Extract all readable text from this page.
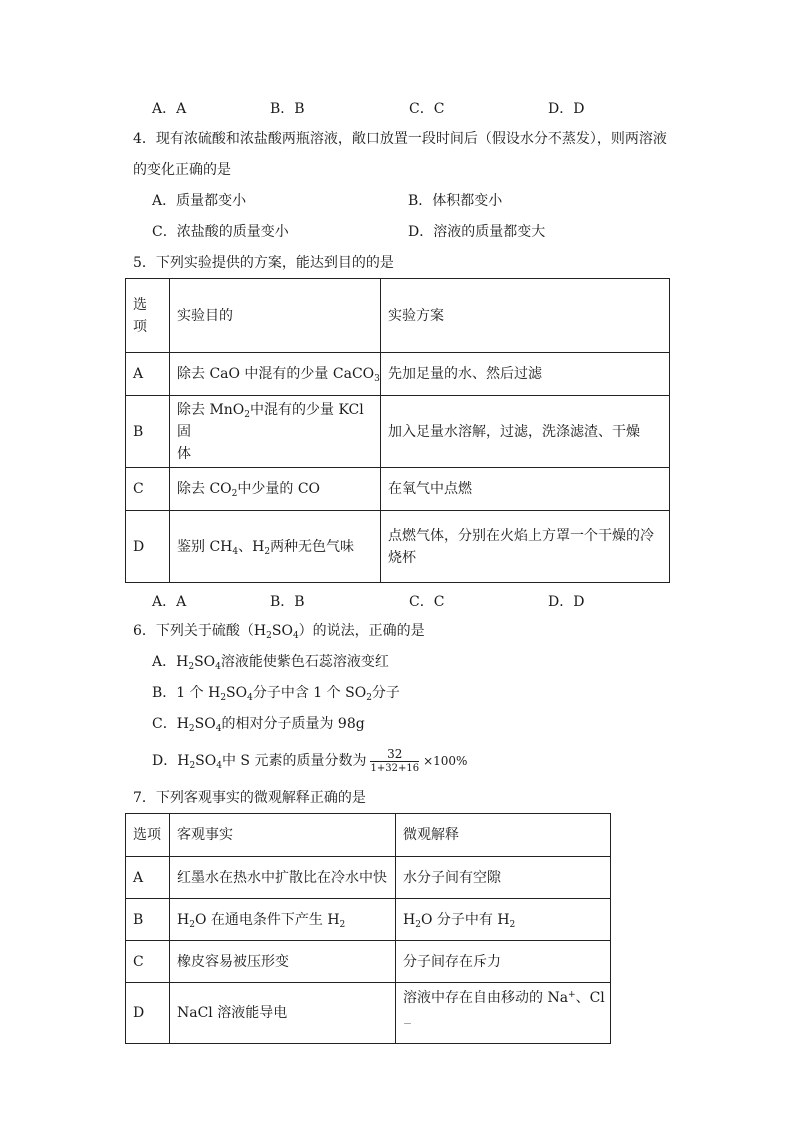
A．A	B．B	C．C	D．D
4．现有浓硫酸和浓盐酸两瓶溶液，敞口放置一段时间后（假设水分不蒸发），则两溶液
的变化正确的是
A．质量都变小	B．体积都变小
C．浓盐酸的质量变小	D．溶液的质量都变大
5．下列实验提供的方案，能达到目的的是
选
项	实验目的	实验方案
A	除去 CaO 中混有的少量 CaCO$_3$	先加足量的水、然后过滤
B	除去 MnO$_2$中混有的少量 KCl 固
体	加入足量水溶解，过滤，洗涤滤渣、干燥
C	除去 $CO_2$中少量的 CO	在氧气中点燃
D	鉴别 $CH_4$、$H_2$两种无色气味	点燃气体，分别在火焰上方罩一个干燥的冷
烧杯
A．A	B．B	C．C	D．D
6．下列关于硫酸$(H_2SO_4)$的说法，正确的是
A．$H_2SO_4$溶液能使紫色石蕊溶液变红
B．1 个 $H_2SO_4$分子中含 1 个 $SO_2$分子
C．$H_2SO_4$的相对分子质量为 98g
D．$H_2SO_4$中 S 元素的质量分数为 $\frac{32}{1+32+16} \times 100\%$
7．下列客观事实的微观解释正确的是
选项	客观事实	微观解释
A	红墨水在热水中扩散比在冷水中快	水分子间有空隙
B	$H_2O$ 在通电条件下产生 $H_2$	$H_2O$ 分子中有 $H_2$
C	橡皮容易被压形变	分子间存在斥力
D	NaCl 溶液能导电	溶液中存在自由移动的 Na+、Cl－
